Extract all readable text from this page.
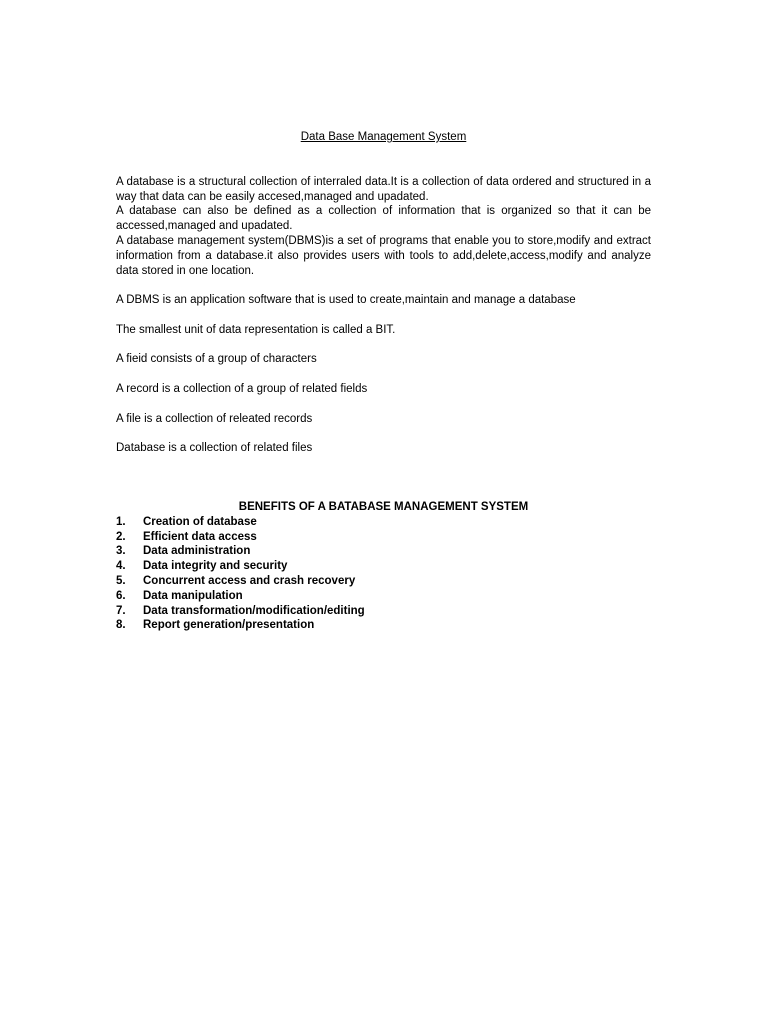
Data Base Management System

A database is a structural collection of interraled data.It is a collection of data ordered and structured in a way that data can be easily accesed,managed and upadated.

A database can also be defined as a collection of information that is organized so that it can be accessed,managed and upadated.

A database management system(DBMS)is a set of programs that enable you to store,modify and extract information from a database.it also provides users with tools to add,delete,access,modify and analyze data stored in one location.

A DBMS is an application software that is used to create,maintain and manage a database

The smallest unit of data representation is called a BIT.

A fieid consists of a group of characters

A record is a collection of a group of related fields

A file is a collection of releated records

Database is a collection of related files

BENEFITS OF A BATABASE MANAGEMENT SYSTEM
1.	Creation of database
2.	Efficient data access
3.	Data administration
4.	Data integrity and security
5.	Concurrent access and crash recovery
6.	Data manipulation
7.	Data transformation/modification/editing
8.	Report generation/presentation
